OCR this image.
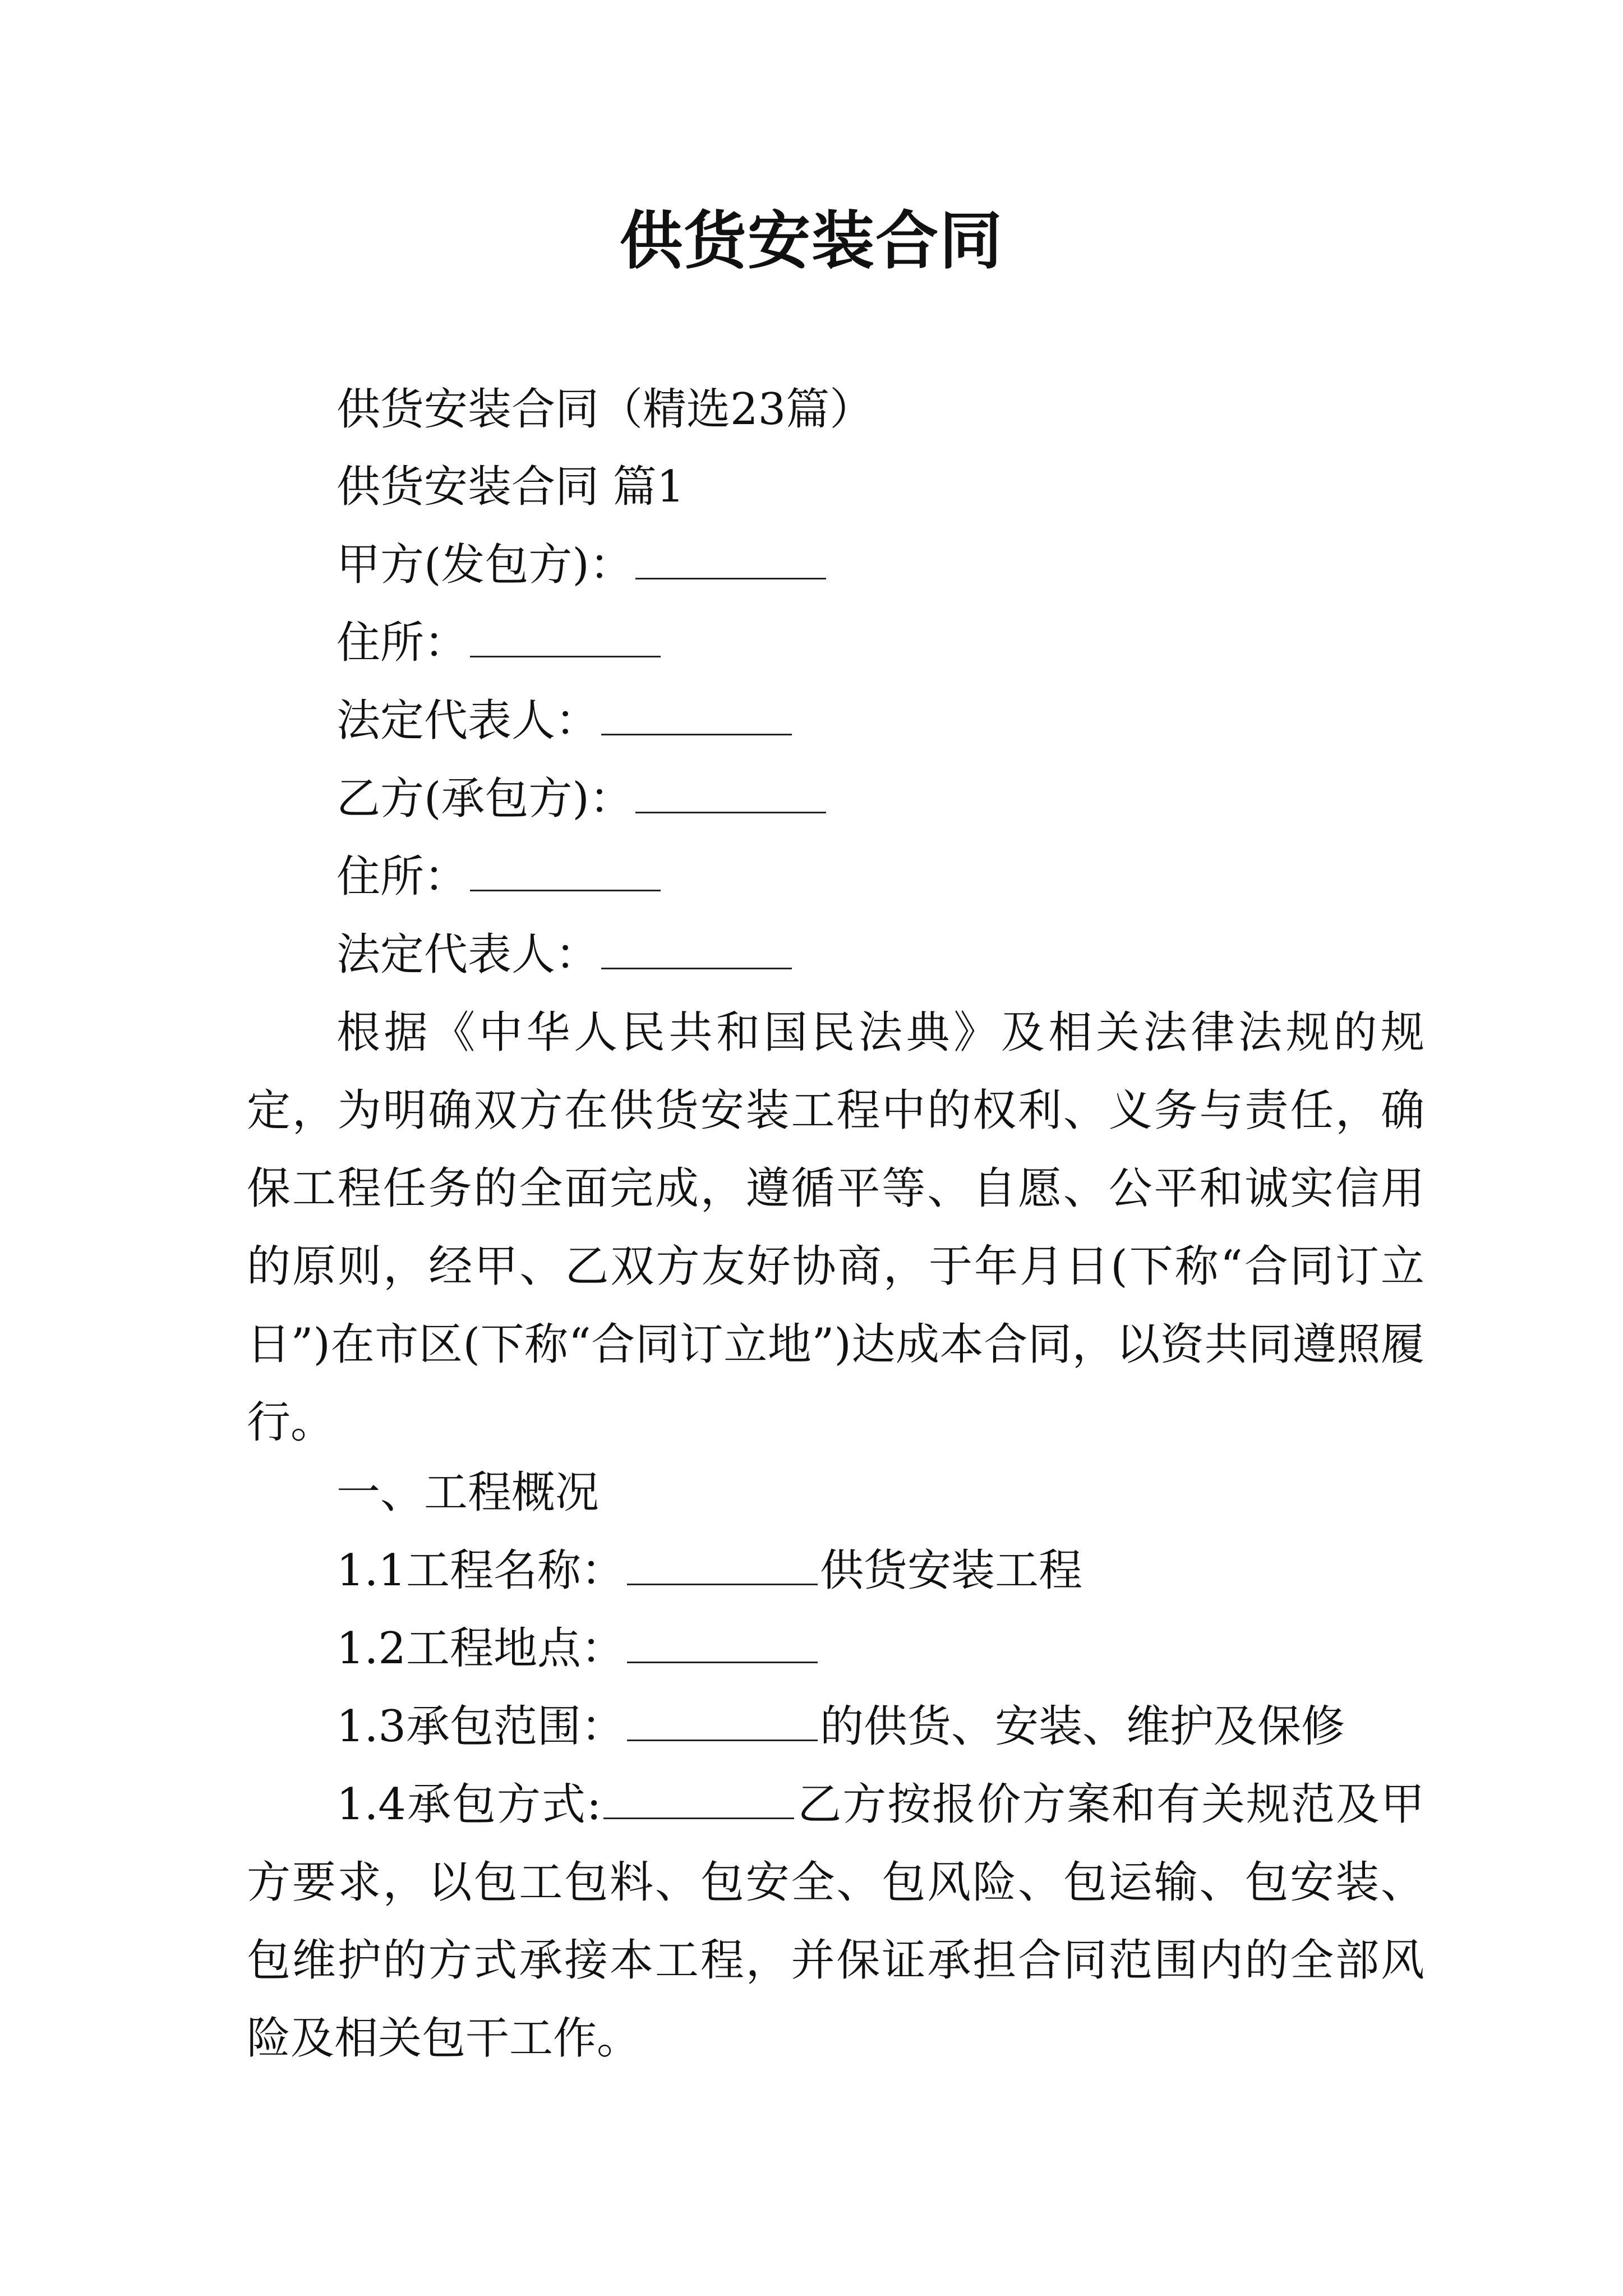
供货安装合同
供货安装合同（精选23篇）
供货安装合同 篇1
甲方(发包方)：
住所：
法定代表人：
乙方(承包方)：
住所：
法定代表人：
根据《中华人民共和国民法典》及相关法律法规的规定，为明确双方在供货安装工程中的权利、义务与责任，确保工程任务的全面完成，遵循平等、自愿、公平和诚实信用的原则，经甲、乙双方友好协商，于年月日(下称“合同订立日”)在市区(下称“合同订立地”)达成本合同，以资共同遵照履行。
一、工程概况
1.1工程名称：	供货安装工程
1.2工程地点：
1.3承包范围：	的供货、安装、维护及保修
1.4承包方式:	乙方按报价方案和有关规范及甲方要求，以包工包料、包安全、包风险、包运输、包安装、包维护的方式承接本工程，并保证承担合同范围内的全部风险及相关包干工作。
